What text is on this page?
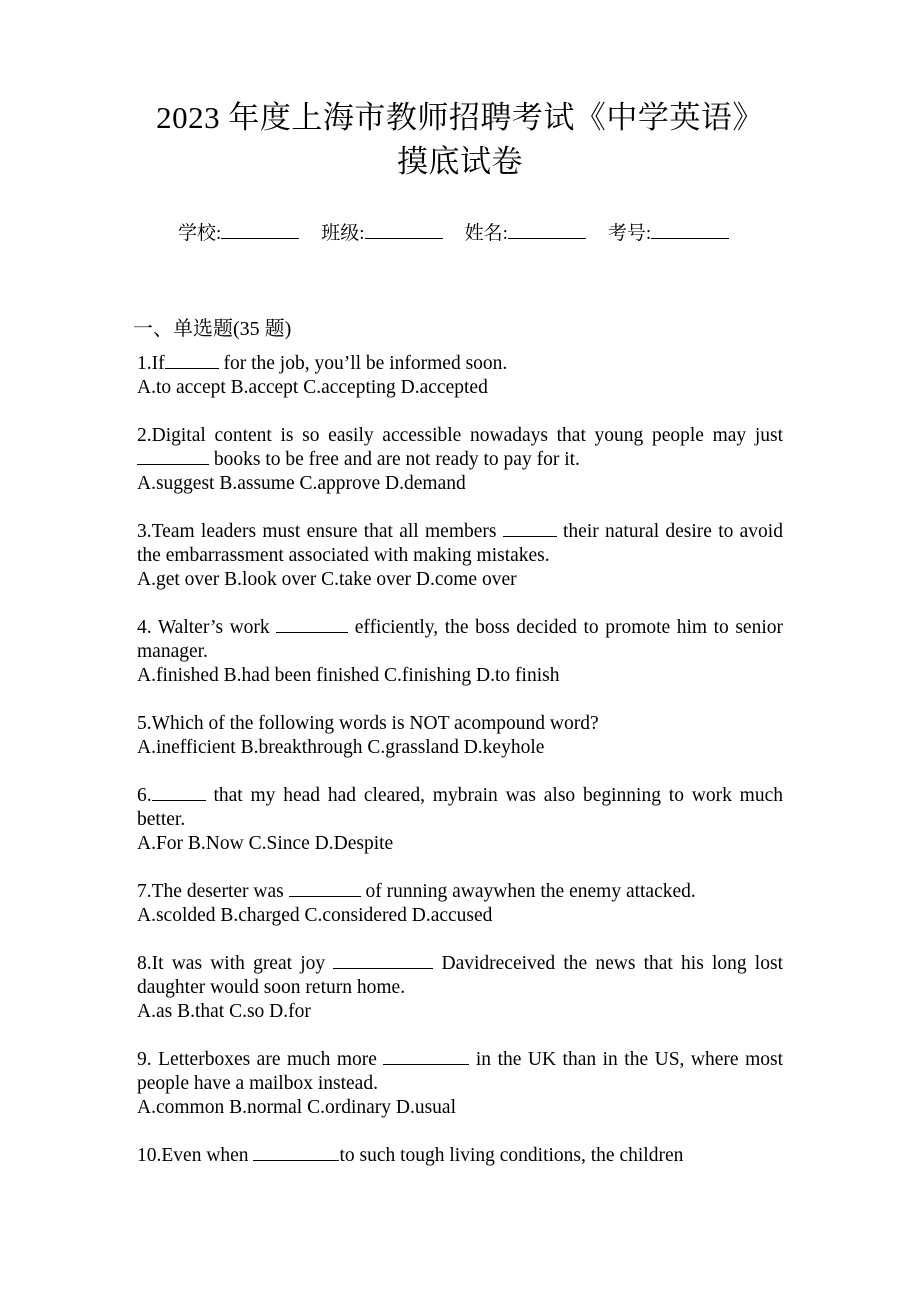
2023 年度上海市教师招聘考试《中学英语》
摸底试卷
学校:	班级:	姓名:	考号:
一、单选题(35 题)
1.If	for the job, you’ll be informed soon.
A.to accept B.accept C.accepting D.accepted
2.Digital content is so easily accessible nowadays that young people may just  books to be free and are not ready to pay for it.
A.suggest B.assume C.approve D.demand
3.Team leaders must ensure that all members	their natural desire to avoid the embarrassment associated with making mistakes.
A.get over B.look over C.take over D.come over
4. Walter’s work	efficiently, the boss decided to promote him to senior manager.
A.finished B.had been finished C.finishing D.to finish
5.Which of the following words is NOT acompound word?
A.inefficient B.breakthrough C.grassland D.keyhole
6.	that my head had cleared, mybrain was also beginning to work much better.
A.For B.Now C.Since D.Despite
7.The deserter was	of running awaywhen the enemy attacked.
A.scolded B.charged C.considered D.accused
8.It was with great joy	Davidreceived the news that his long lost daughter would soon return home.
A.as B.that C.so D.for
9. Letterboxes are much more	in the UK than in the US, where most people have a mailbox instead.
A.common B.normal C.ordinary D.usual
10.Even when	to such tough living conditions, the children
